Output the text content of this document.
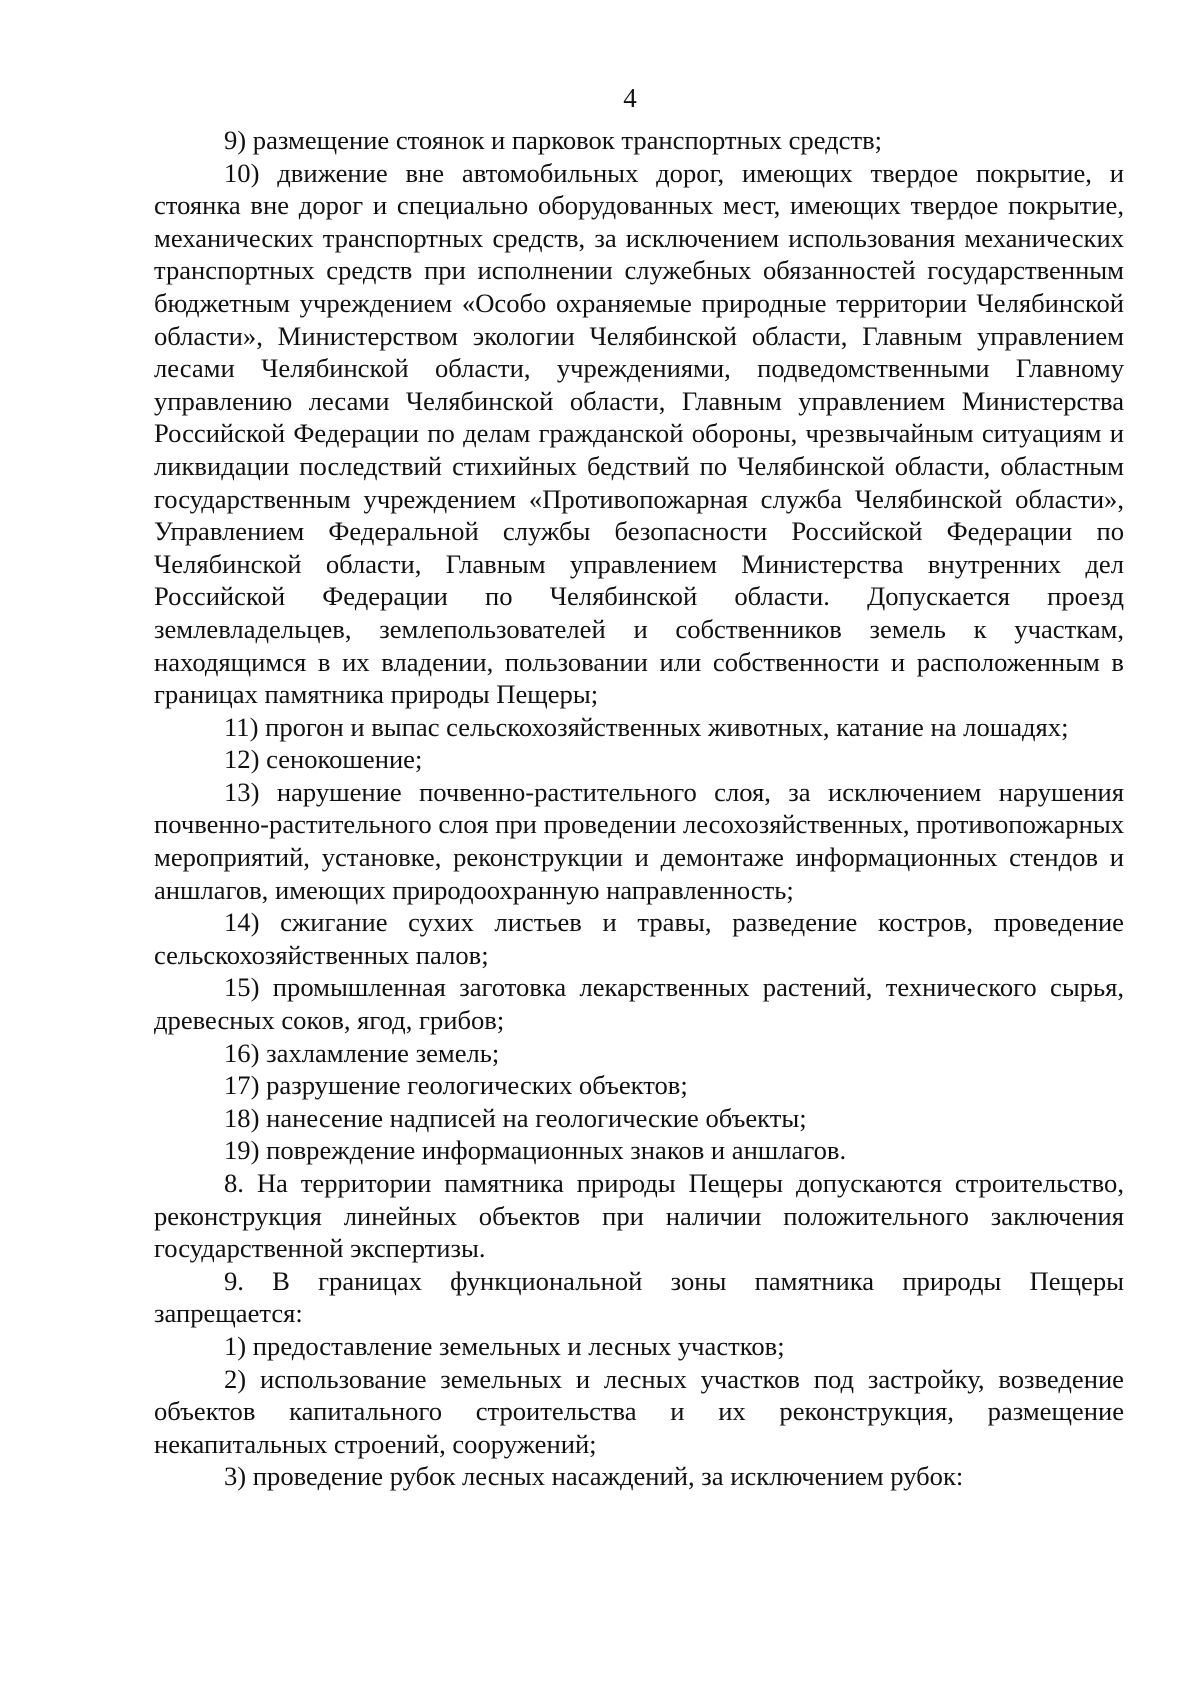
4

9) размещение стоянок и парковок транспортных средств;

10) движение вне автомобильных дорог, имеющих твердое покрытие, и стоянка вне дорог и специально оборудованных мест, имеющих твердое покрытие, механических транспортных средств, за исключением использования механических транспортных средств при исполнении служебных обязанностей государственным бюджетным учреждением «Особо охраняемые природные территории Челябинской области», Министерством экологии Челябинской области, Главным управлением лесами Челябинской области, учреждениями, подведомственными Главному управлению лесами Челябинской области, Главным управлением Министерства Российской Федерации по делам гражданской обороны, чрезвычайным ситуациям и ликвидации последствий стихийных бедствий по Челябинской области, областным государственным учреждением «Противопожарная служба Челябинской области», Управлением Федеральной службы безопасности Российской Федерации по Челябинской области, Главным управлением Министерства внутренних дел Российской Федерации по Челябинской области. Допускается проезд землевладельцев, землепользователей и собственников земель к участкам, находящимся в их владении, пользовании или собственности и расположенным в границах памятника природы Пещеры;

11) прогон и выпас сельскохозяйственных животных, катание на лошадях;

12) сенокошение;

13) нарушение почвенно-растительного слоя, за исключением нарушения почвенно-растительного слоя при проведении лесохозяйственных, противопожарных мероприятий, установке, реконструкции и демонтаже информационных стендов и аншлагов, имеющих природоохранную направленность;

14) сжигание сухих листьев и травы, разведение костров, проведение сельскохозяйственных палов;

15) промышленная заготовка лекарственных растений, технического сырья, древесных соков, ягод, грибов;

16) захламление земель;

17) разрушение геологических объектов;

18) нанесение надписей на геологические объекты;

19) повреждение информационных знаков и аншлагов.

8. На территории памятника природы Пещеры допускаются строительство, реконструкция линейных объектов при наличии положительного заключения государственной экспертизы.

9. В границах функциональной зоны памятника природы Пещеры запрещается:

1) предоставление земельных и лесных участков;

2) использование земельных и лесных участков под застройку, возведение объектов капитального строительства и их реконструкция, размещение некапитальных строений, сооружений;

3) проведение рубок лесных насаждений, за исключением рубок:
